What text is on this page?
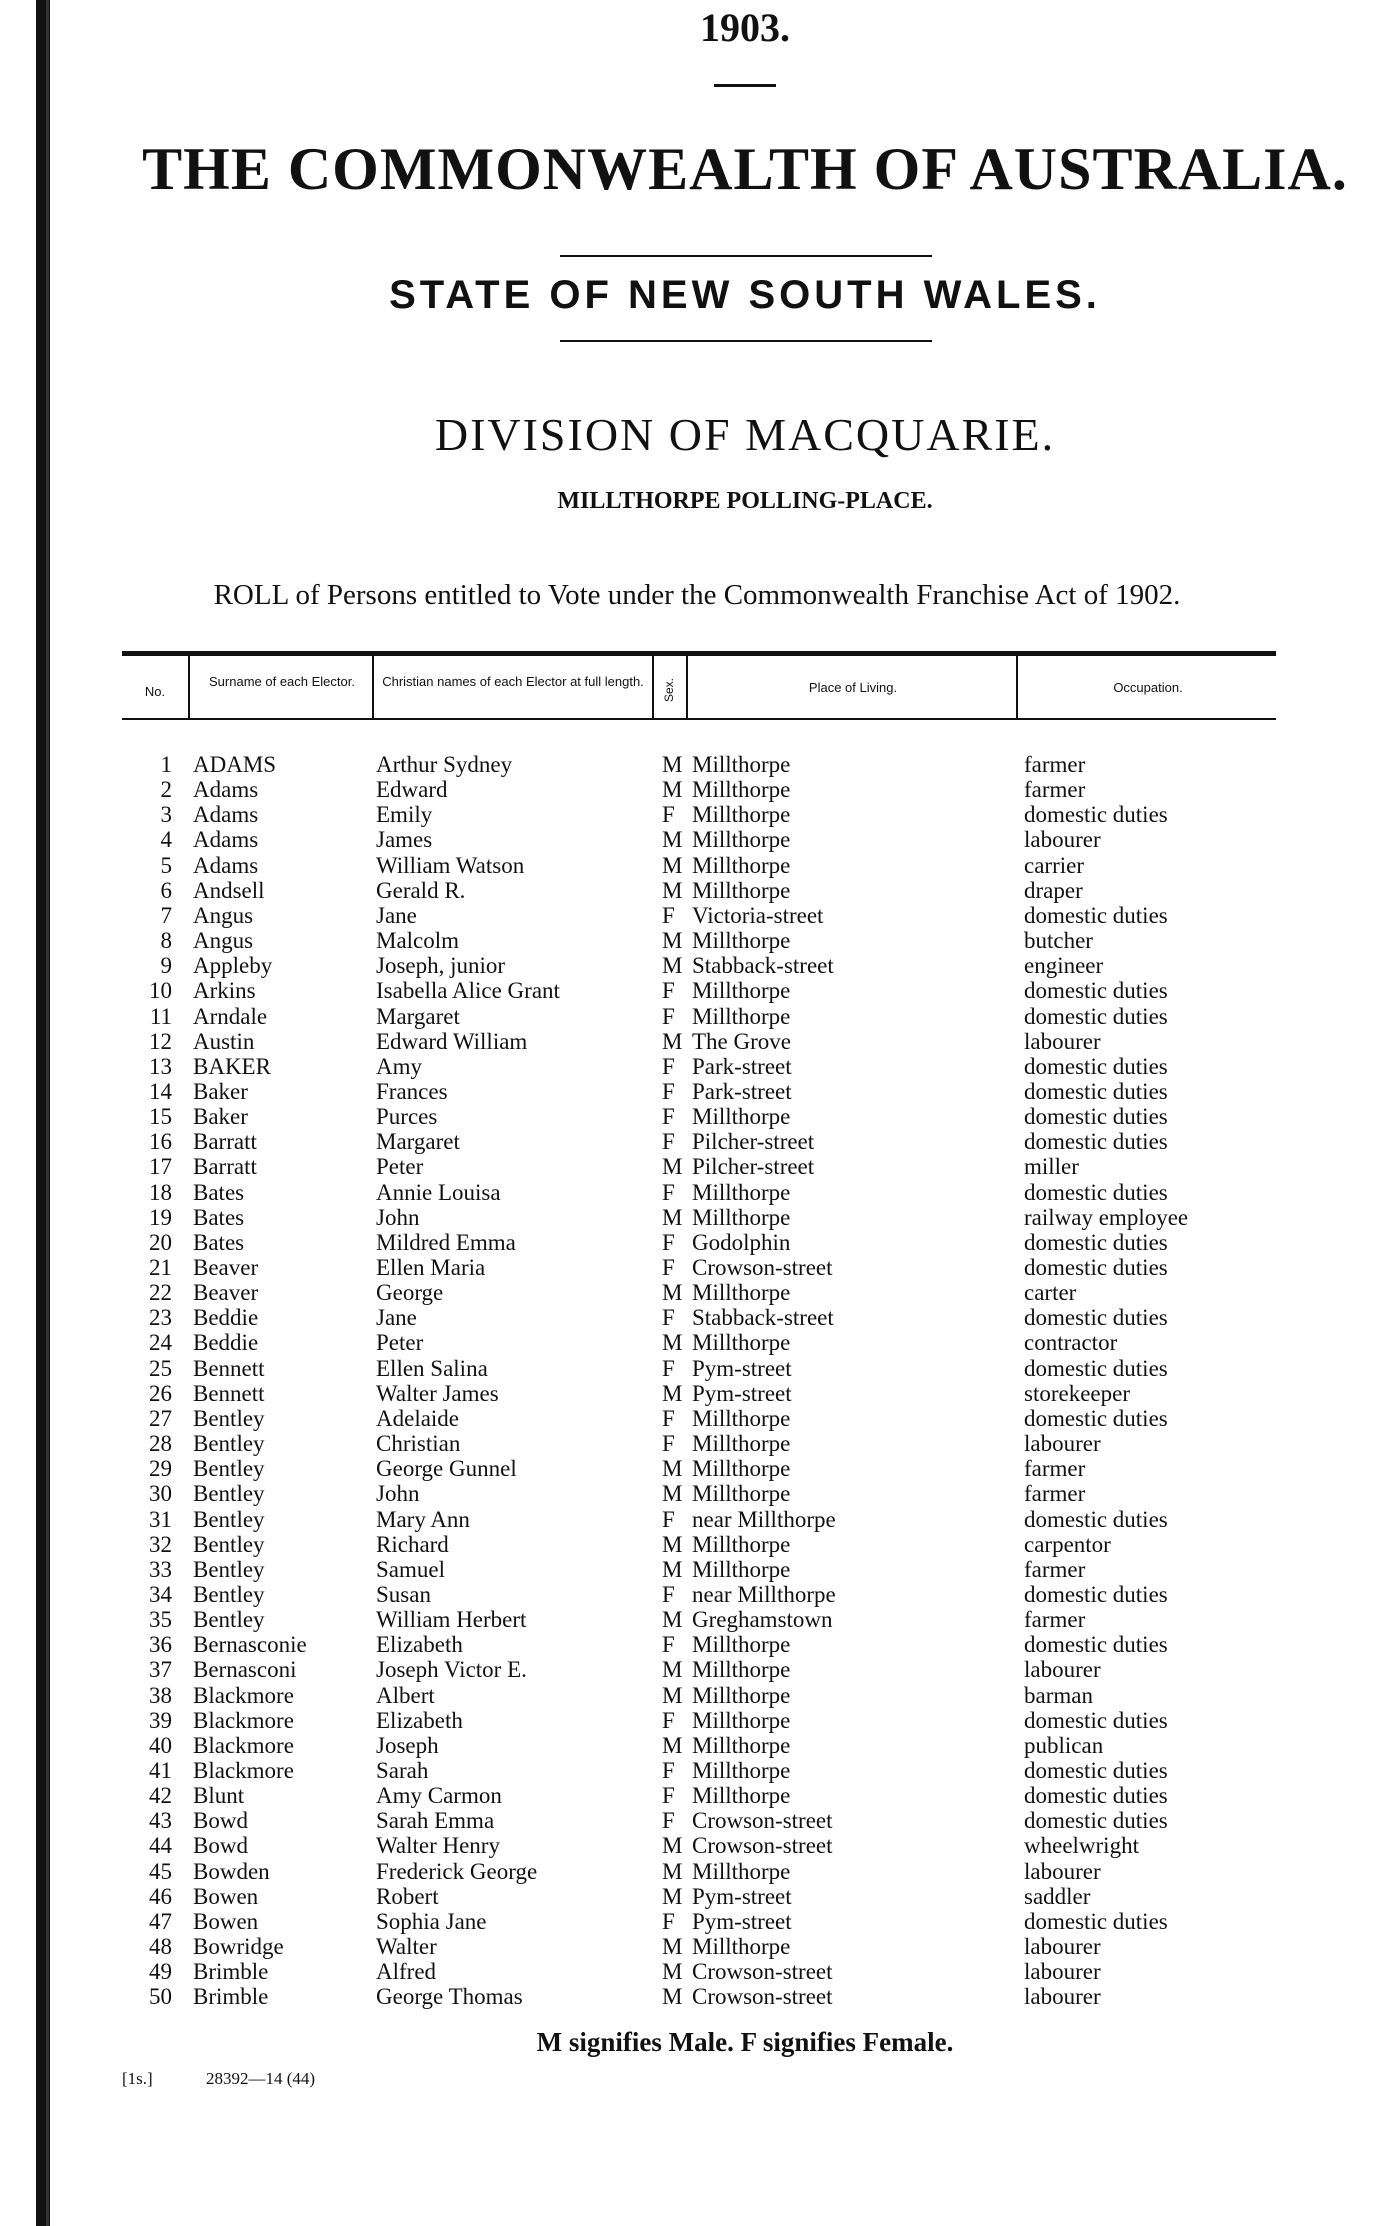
1903.
THE COMMONWEALTH OF AUSTRALIA.
STATE OF NEW SOUTH WALES.
DIVISION OF MACQUARIE.
MILLTHORPE POLLING-PLACE.
ROLL of Persons entitled to Vote under the Commonwealth Franchise Act of 1902.
No.
Surname of each Elector.	Christian names of each Elector at full length.	Sex.	Place of Living.	Occupation.
1 ADAMS	Arthur Sydney	M Millthorpe	farmer
2 Adams	Edward	M Millthorpe	farmer
3 Adams	Emily	F Millthorpe	domestic duties
4 Adams	James	M Millthorpe	labourer
5 Adams	William Watson	M Millthorpe	carrier
6 Andsell	Gerald R.	M Millthorpe	draper
7 Angus	Jane	F Victoria-street	domestic duties
8 Angus	Malcolm	M Millthorpe	butcher
9 Appleby	Joseph, junior	M Stabback-street	engineer
10 Arkins	Isabella Alice Grant	F Millthorpe	domestic duties
11 Arndale	Margaret	F Millthorpe	domestic duties
12 Austin	Edward William	M The Grove	labourer
13 BAKER	Amy	F Park-street	domestic duties
14 Baker	Frances	F Park-street	domestic duties
15 Baker	Purces	F Millthorpe	domestic duties
16 Barratt	Margaret	F Pilcher-street	domestic duties
17 Barratt	Peter	M Pilcher-street	miller
18 Bates	Annie Louisa	F Millthorpe	domestic duties
19 Bates	John	M Millthorpe	railway employee
20 Bates	Mildred Emma	F Godolphin	domestic duties
21 Beaver	Ellen Maria	F Crowson-street	domestic duties
22 Beaver	George	M Millthorpe	carter
23 Beddie	Jane	F Stabback-street	domestic duties
24 Beddie	Peter	M Millthorpe	contractor
25 Bennett	Ellen Salina	F Pym-street	domestic duties
26 Bennett	Walter James	M Pym-street	storekeeper
27 Bentley	Adelaide	F Millthorpe	domestic duties
28 Bentley	Christian	F Millthorpe	labourer
29 Bentley	George Gunnel	M Millthorpe	farmer
30 Bentley	John	M Millthorpe	farmer
31 Bentley	Mary Ann	F near Millthorpe	domestic duties
32 Bentley	Richard	M Millthorpe	carpentor
33 Bentley	Samuel	M Millthorpe	farmer
34 Bentley	Susan	F near Millthorpe	domestic duties
35 Bentley	William Herbert	M Greghamstown	farmer
36 Bernasconie	Elizabeth	F Millthorpe	domestic duties
37 Bernasconi	Joseph Victor E.	M Millthorpe	labourer
38 Blackmore	Albert	M Millthorpe	barman
39 Blackmore	Elizabeth	F Millthorpe	domestic duties
40 Blackmore	Joseph	M Millthorpe	publican
41 Blackmore	Sarah	F Millthorpe	domestic duties
42 Blunt	Amy Carmon	F Millthorpe	domestic duties
43 Bowd	Sarah Emma	F Crowson-street	domestic duties
44 Bowd	Walter Henry	M Crowson-street	wheelwright
45 Bowden	Frederick George	M Millthorpe	labourer
46 Bowen	Robert	M Pym-street	saddler
47 Bowen	Sophia Jane	F Pym-street	domestic duties
48 Bowridge	Walter	M Millthorpe	labourer
49 Brimble	Alfred	M Crowson-street	labourer
50 Brimble	George Thomas	M Crowson-street	labourer
M signifies Male. F signifies Female.
[1s.]	28392—14 (44)
